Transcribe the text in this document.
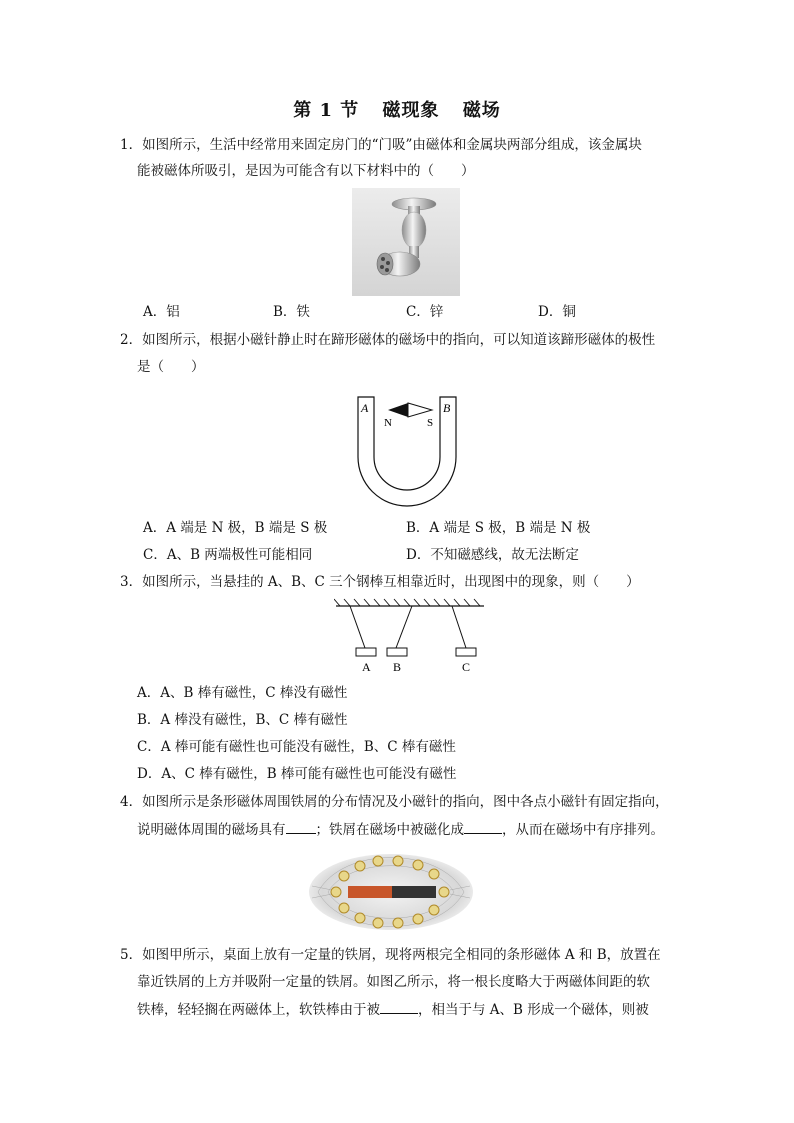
第 1 节 磁现象 磁场
1．如图所示，生活中经常用来固定房门的“门吸”由磁体和金属块两部分组成，该金属块
能被磁体所吸引，是因为可能含有以下材料中的（　　）
A．铝	B．铁	C．锌	D．铜
2．如图所示，根据小磁针静止时在蹄形磁体的磁场中的指向，可以知道该蹄形磁体的极性
是（　　）
A	B
N	S
A．A 端是 N 极，B 端是 S 极	B．A 端是 S 极，B 端是 N 极
C．A、B 两端极性可能相同	D．不知磁感线，故无法断定
3．如图所示，当悬挂的 A、B、C 三个钢棒互相靠近时，出现图中的现象，则（　　）
A B	C
A．A、B 棒有磁性，C 棒没有磁性
B．A 棒没有磁性，B、C 棒有磁性
C．A 棒可能有磁性也可能没有磁性，B、C 棒有磁性
D．A、C 棒有磁性，B 棒可能有磁性也可能没有磁性
4．如图所示是条形磁体周围铁屑的分布情况及小磁针的指向，图中各点小磁针有固定指向，
说明磁体周围的磁场具有 ；铁屑在磁场中被磁化成	，从而在磁场中有序排列。
5．如图甲所示，桌面上放有一定量的铁屑，现将两根完全相同的条形磁体 A 和 B，放置在
靠近铁屑的上方并吸附一定量的铁屑。如图乙所示，将一根长度略大于两磁体间距的软
铁棒，轻轻搁在两磁体上，软铁棒由于被	，相当于与 A、B 形成一个磁体，则被
